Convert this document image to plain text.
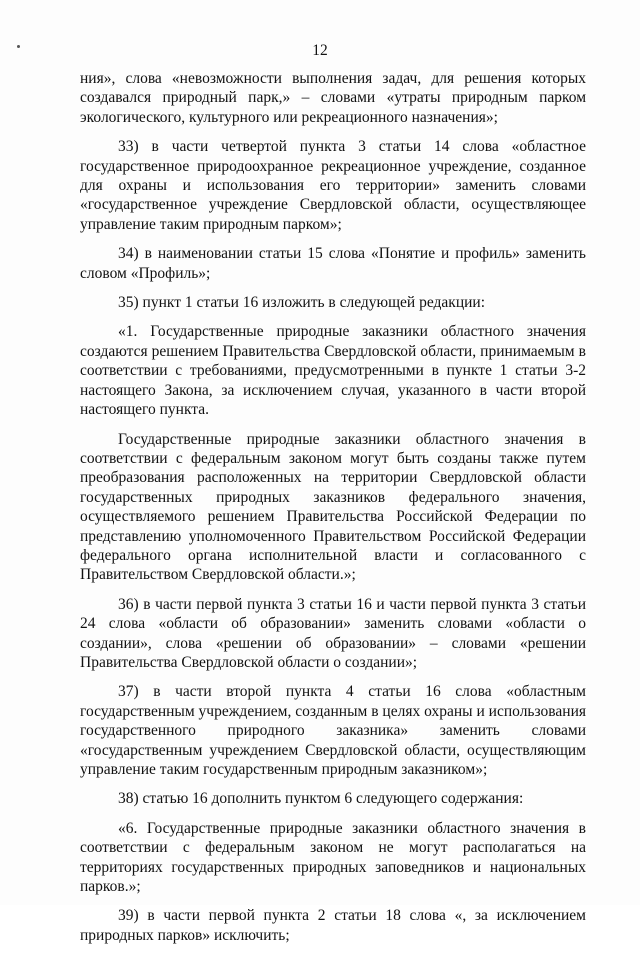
12

ния», слова «невозможности выполнения задач, для решения которых создавался природный парк,» – словами «утраты природным парком экологического, культурного или рекреационного назначения»;

33) в части четвертой пункта 3 статьи 14 слова «областное государственное природоохранное рекреационное учреждение, созданное для охраны и использования его территории» заменить словами «государственное учреждение Свердловской области, осуществляющее управление таким природным парком»;

34) в наименовании статьи 15 слова «Понятие и профиль» заменить словом «Профиль»;

35) пункт 1 статьи 16 изложить в следующей редакции:

«1. Государственные природные заказники областного значения создаются решением Правительства Свердловской области, принимаемым в соответствии с требованиями, предусмотренными в пункте 1 статьи 3-2 настоящего Закона, за исключением случая, указанного в части второй настоящего пункта.

Государственные природные заказники областного значения в соответствии с федеральным законом могут быть созданы также путем преобразования расположенных на территории Свердловской области государственных природных заказников федерального значения, осуществляемого решением Правительства Российской Федерации по представлению уполномоченного Правительством Российской Федерации федерального органа исполнительной власти и согласованного с Правительством Свердловской области.»;

36) в части первой пункта 3 статьи 16 и части первой пункта 3 статьи 24 слова «области об образовании» заменить словами «области о создании», слова «решении об образовании» – словами «решении Правительства Свердловской области о создании»;

37) в части второй пункта 4 статьи 16 слова «областным государственным учреждением, созданным в целях охраны и использования государственного природного заказника» заменить словами «государственным учреждением Свердловской области, осуществляющим управление таким государственным природным заказником»;

38) статью 16 дополнить пунктом 6 следующего содержания:

«6. Государственные природные заказники областного значения в соответствии с федеральным законом не могут располагаться на территориях государственных природных заповедников и национальных парков.»;

39) в части первой пункта 2 статьи 18 слова «, за исключением природных парков» исключить;
